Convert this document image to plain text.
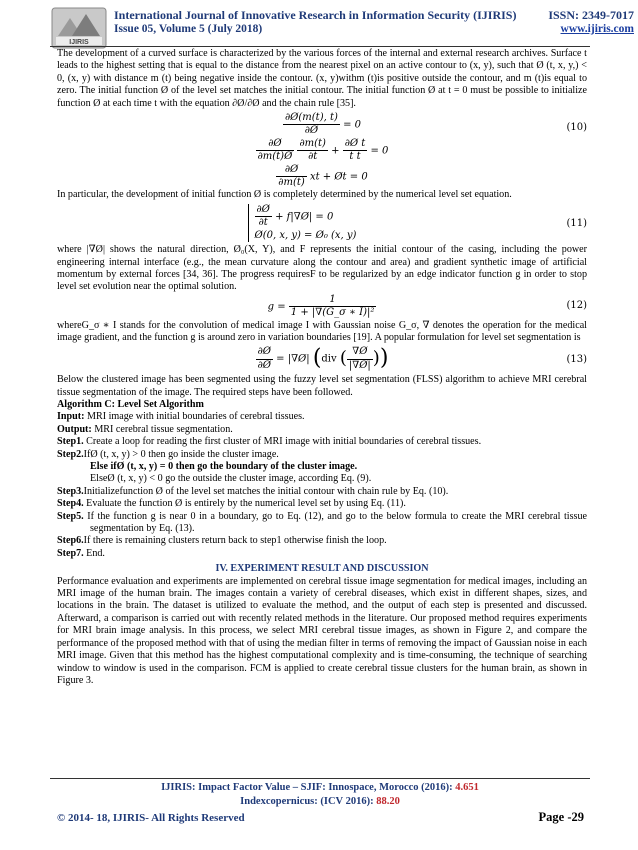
IJIRIS
International Journal of Innovative Research in Information Security (IJIRIS)	ISSN: 2349-7017
Issue 05, Volume 5 (July 2018)	www.ijiris.com

The development of a curved surface is characterized by the various forces of the internal and external research archives. Surface t leads to the highest setting that is equal to the distance from the nearest pixel on an active contour to (x, y), such that Ø (t, x, y,) < 0, (x, y) with distance m (t) being negative inside the contour. (x, y)withm (t)is positive outside the contour, and m (t)is equal to zero. The initial function Ø of the level set matches the initial contour. The initial function Ø at t = 0 must be possible to initialize function Ø at each time t with the equation ∂Ø/∂Ø and the chain rule [35].

$\frac{\partial Ø(m(t), t)}{\partial Ø} = 0$
$\frac{\partial Ø}{\partial m(t)Ø}$
$\frac{\partial m(t)}{\partial t} + \frac{\text{∂Ø t}}{\text{t t}} = 0$
(10)
$\frac{\partial Ø}{\partial m(t)}$ xt + Øt = 0

In particular, the development of initial function Ø is completely determined by the numerical level set equation.

$\frac{\partial Ø}{\partial t}$ + f|∇Ø| = 0
Ø(0, x, y) = Ø₀ (x, y)
(11)

where |∇Ø| shows the natural direction, Ø₀(X, Y), and F represents the initial contour of the casing, including the power engineering internal interface (e.g., the mean curvature along the contour and area) and gradient synthetic image of artificial momentum by external forces [34, 36]. The progress requiresF to be regularized by an edge indicator function g in order to stop level set evolution near the optimal solution.

$g = \frac{1}{\text{1 + |∇(G\_σ ∗ I)|²}}$	(12)

whereG_σ ∗ I stands for the convolution of medical image I with Gaussian noise G_σ, ∇ denotes the operation for the medical image gradient, and the function g is around zero in variation boundaries [19]. A popular formulation for level set segmentation is

$\frac{\partial Ø}{\partial Ø}$ = |∇Ø| (div ( $\frac{\nabla Ø}{|\nabla Ø|}$ ))	(13)

Below the clustered image has been segmented using the fuzzy level set segmentation (FLSS) algorithm to achieve MRI cerebral tissue segmentation of the image. The required steps have been followed.

Algorithm C: Level Set Algorithm

Input: MRI image with initial boundaries of cerebral tissues.

Output: MRI cerebral tissue segmentation.

Step1. Create a loop for reading the first cluster of MRI image with initial boundaries of cerebral tissues.

Step2.IfØ (t, x, y) > 0 then go inside the cluster image.

Else ifØ (t, x, y) = 0 then go the boundary of the cluster image.

ElseØ (t, x, y) < 0 go the outside the cluster image, according Eq. (9).

Step3.Initializefunction Ø of the level set matches the initial contour with chain rule by Eq. (10).

Step4. Evaluate the function Ø is entirely by the numerical level set by using Eq. (11).

Step5. If the function g is near 0 in a boundary, go to Eq. (12), and go to the below formula to create the MRI cerebral tissue segmentation by Eq. (13).

Step6.If there is remaining clusters return back to step1 otherwise finish the loop.

Step7. End.

IV. EXPERIMENT RESULT AND DISCUSSION

Performance evaluation and experiments are implemented on cerebral tissue image segmentation for medical images, including an MRI image of the human brain. The images contain a variety of cerebral diseases, which exist in different shapes, sizes, and locations in the brain. The dataset is utilized to evaluate the method, and the output of each step is presented and discussed. Afterward, a comparison is carried out with recently related methods in the literature. Our proposed method requires experiments for MRI brain image analysis. In this process, we select MRI cerebral tissue images, as shown in Figure 2, and compare the performance of the proposed method with that of using the median filter in terms of removing the impact of Gaussian noise in each MRI image. Given that this method has the highest computational complexity and is time-consuming, the technique of searching window to window is used in the comparison. FCM is applied to create cerebral tissue clusters for the human brain, as shown in Figure 3.

IJIRIS: Impact Factor Value – SJIF: Innospace, Morocco (2016): 4.651
Indexcopernicus: (ICV 2016): 88.20
© 2014- 18, IJIRIS- All Rights Reserved	Page -29
